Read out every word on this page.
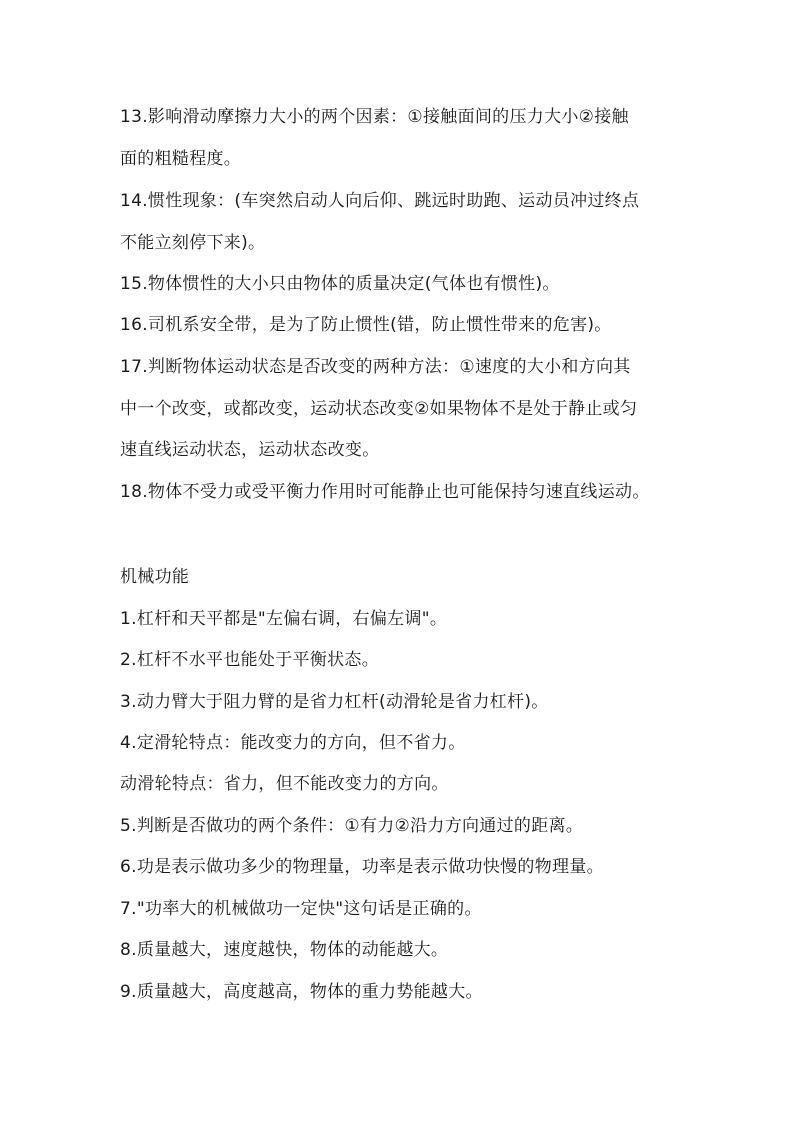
13.影响滑动摩擦力大小的两个因素：①接触面间的压力大小②接触
面的粗糙程度。
14.惯性现象：(车突然启动人向后仰、跳远时助跑、运动员冲过终点
不能立刻停下来)。
15.物体惯性的大小只由物体的质量决定(气体也有惯性)。
16.司机系安全带，是为了防止惯性(错，防止惯性带来的危害)。
17.判断物体运动状态是否改变的两种方法：①速度的大小和方向其
中一个改变，或都改变，运动状态改变②如果物体不是处于静止或匀
速直线运动状态，运动状态改变。
18.物体不受力或受平衡力作用时可能静止也可能保持匀速直线运动。
机械功能
1.杠杆和天平都是"左偏右调，右偏左调"。
2.杠杆不水平也能处于平衡状态。
3.动力臂大于阻力臂的是省力杠杆(动滑轮是省力杠杆)。
4.定滑轮特点：能改变力的方向，但不省力。
动滑轮特点：省力，但不能改变力的方向。
5.判断是否做功的两个条件：①有力②沿力方向通过的距离。
6.功是表示做功多少的物理量，功率是表示做功快慢的物理量。
7."功率大的机械做功一定快"这句话是正确的。
8.质量越大，速度越快，物体的动能越大。
9.质量越大，高度越高，物体的重力势能越大。
